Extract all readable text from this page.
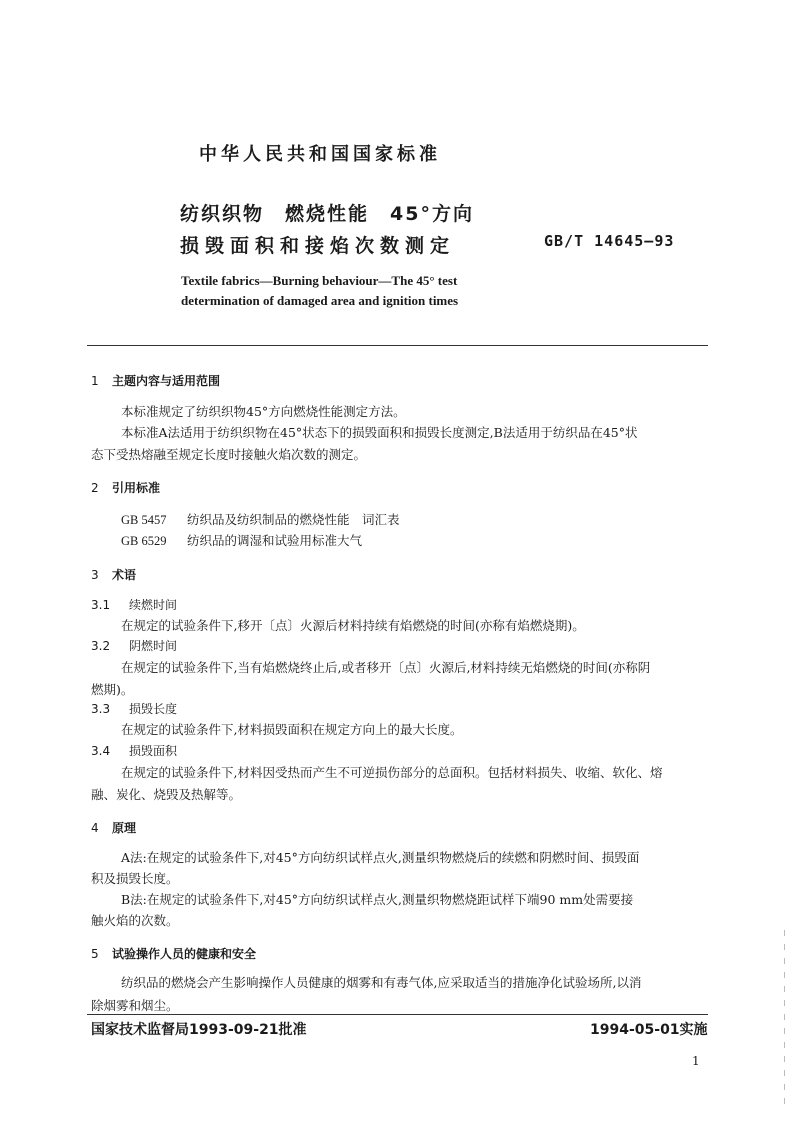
中华人民共和国国家标准
纺织织物　燃烧性能　45°方向
损毁面积和接焰次数测定	GB/T 14645—93
Textile fabrics—Burning behaviour—The 45° test
determination of damaged area and ignition times
1 主题内容与适用范围
本标准规定了纺织织物45°方向燃烧性能测定方法。
本标准A法适用于纺织织物在45°状态下的损毁面积和损毁长度测定,B法适用于纺织品在45°状
态下受热熔融至规定长度时接触火焰次数的测定。
2 引用标准
GB 5457 纺织品及纺织制品的燃烧性能　词汇表
GB 6529 纺织品的调湿和试验用标准大气
3 术语
3.1 续燃时间
在规定的试验条件下,移开〔点〕火源后材料持续有焰燃烧的时间(亦称有焰燃烧期)。
3.2 阴燃时间
在规定的试验条件下,当有焰燃烧终止后,或者移开〔点〕火源后,材料持续无焰燃烧的时间(亦称阴
燃期)。
3.3 损毁长度
在规定的试验条件下,材料损毁面积在规定方向上的最大长度。
3.4 损毁面积
在规定的试验条件下,材料因受热而产生不可逆损伤部分的总面积。包括材料损失、收缩、软化、熔
融、炭化、烧毁及热解等。
4 原理
A法:在规定的试验条件下,对45°方向纺织试样点火,测量织物燃烧后的续燃和阴燃时间、损毁面
积及损毁长度。
B法:在规定的试验条件下,对45°方向纺织试样点火,测量织物燃烧距试样下端90 mm处需要接
触火焰的次数。
5 试验操作人员的健康和安全
纺织品的燃烧会产生影响操作人员健康的烟雾和有毒气体,应采取适当的措施净化试验场所,以消
除烟雾和烟尘。
国家技术监督局1993-09-21批准	1994-05-01实施
1
